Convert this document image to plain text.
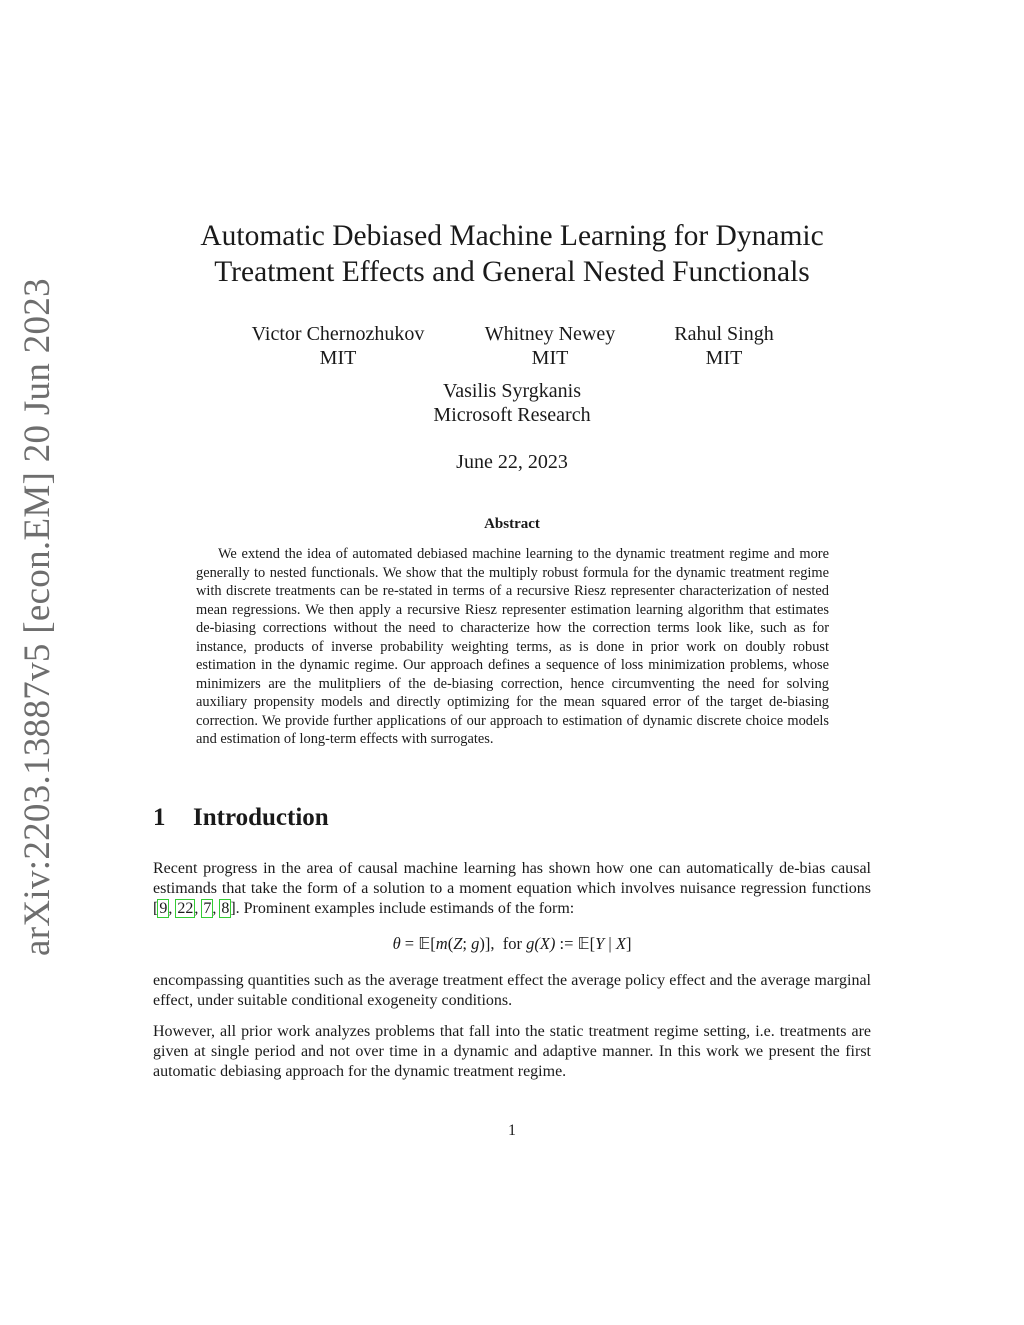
arXiv:2203.13887v5 [econ.EM] 20 Jun 2023
Automatic Debiased Machine Learning for Dynamic
Treatment Effects and General Nested Functionals
Victor Chernozhukov
MIT
Whitney Newey
MIT
Rahul Singh
MIT
Vasilis Syrgkanis
Microsoft Research
June 22, 2023
Abstract

We extend the idea of automated debiased machine learning to the dynamic treatment regime and more generally to nested functionals. We show that the multiply robust formula for the dynamic treatment regime with discrete treatments can be re-stated in terms of a recursive Riesz representer characterization of nested mean regressions. We then apply a recursive Riesz representer estimation learning algorithm that estimates de-biasing corrections without the need to characterize how the correction terms look like, such as for instance, products of inverse probability weighting terms, as is done in prior work on doubly robust estimation in the dynamic regime. Our approach defines a sequence of loss minimization problems, whose minimizers are the mulitpliers of the de-biasing correction, hence circumventing the need for solving auxiliary propensity models and directly optimizing for the mean squared error of the target de-biasing correction. We provide further applications of our approach to estimation of dynamic discrete choice models and estimation of long-term effects with surrogates.

1 Introduction

Recent progress in the area of causal machine learning has shown how one can automatically de-bias causal estimands that take the form of a solution to a moment equation which involves nuisance regression functions [9, 22, 7, 8]. Prominent examples include estimands of the form:

θ = 𝔼[m(Z; g)],  for g(X) := 𝔼[Y | X]

encompassing quantities such as the average treatment effect the average policy effect and the average marginal effect, under suitable conditional exogeneity conditions.

However, all prior work analyzes problems that fall into the static treatment regime setting, i.e. treatments are given at single period and not over time in a dynamic and adaptive manner. In this work we present the first automatic debiasing approach for the dynamic treatment regime.

1
